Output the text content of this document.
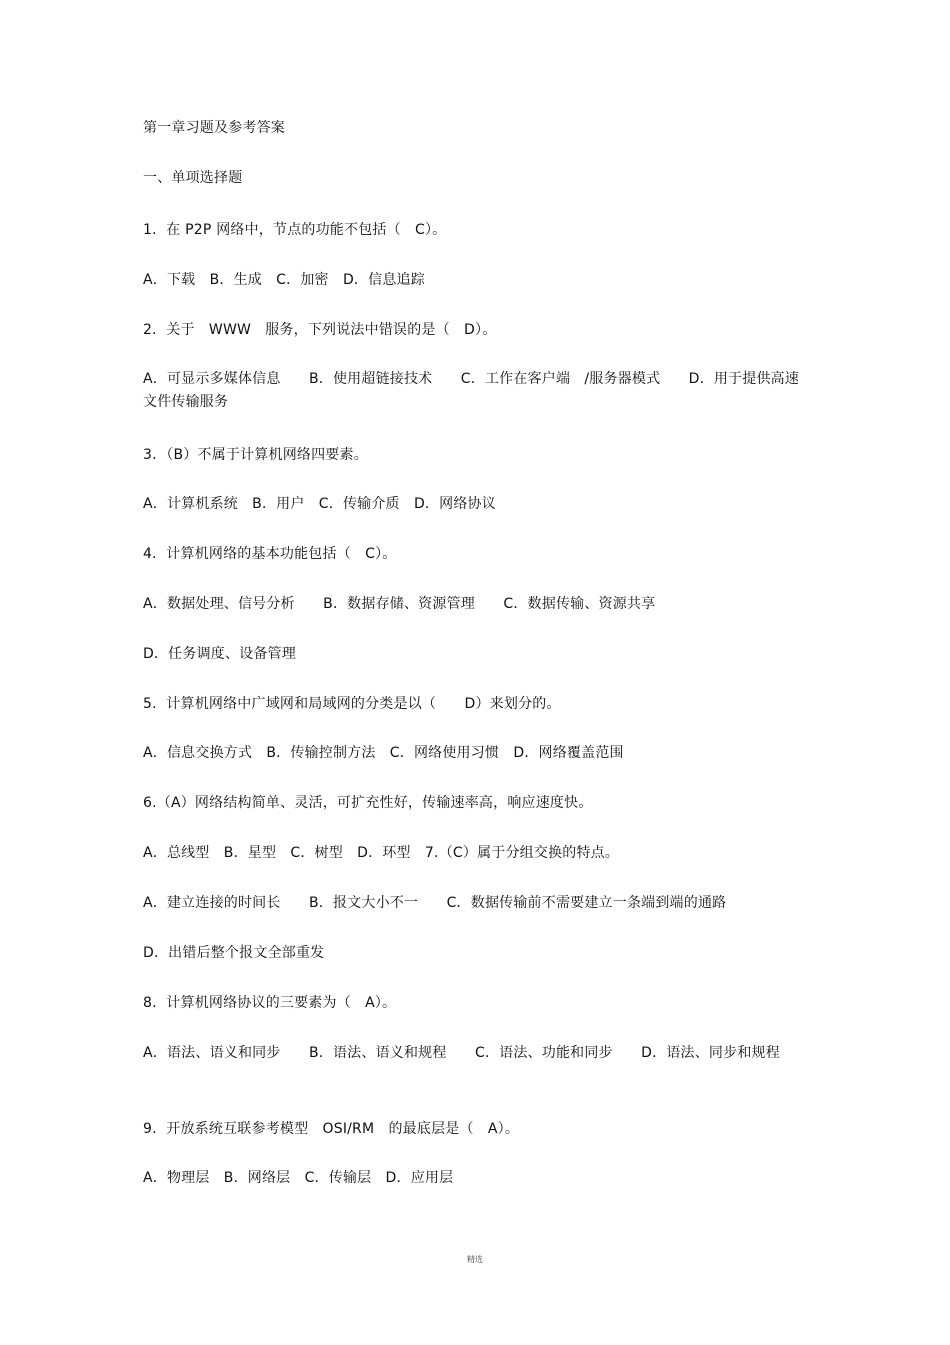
第一章习题及参考答案
一、单项选择题
1．在 P2P 网络中，节点的功能不包括（　C）。
A．下载　B．生成　C．加密　D．信息追踪
2．关于　WWW　服务，下列说法中错误的是（　D）。
A．可显示多媒体信息　　B．使用超链接技术　　C．工作在客户端　/服务器模式　　D．用于提供高速文件传输服务
3．（B）不属于计算机网络四要素。
A．计算机系统　B．用户　C．传输介质　D．网络协议
4．计算机网络的基本功能包括（　C）。
A．数据处理、信号分析　　B．数据存储、资源管理　　C．数据传输、资源共享
D．任务调度、设备管理
5．计算机网络中广域网和局域网的分类是以（　　D）来划分的。
A．信息交换方式　B．传输控制方法　C．网络使用习惯　D．网络覆盖范围
6.（A）网络结构简单、灵活，可扩充性好，传输速率高，响应速度快。
A．总线型　B．星型　C．树型　D．环型　7.（C）属于分组交换的特点。
A．建立连接的时间长　　B．报文大小不一　　C．数据传输前不需要建立一条端到端的通路
D．出错后整个报文全部重发
8．计算机网络协议的三要素为（　A）。
A．语法、语义和同步　　B．语法、语义和规程　　C．语法、功能和同步　　D．语法、同步和规程
9．开放系统互联参考模型　OSI/RM　的最底层是（　A）。
A．物理层　B．网络层　C．传输层　D．应用层
精选
